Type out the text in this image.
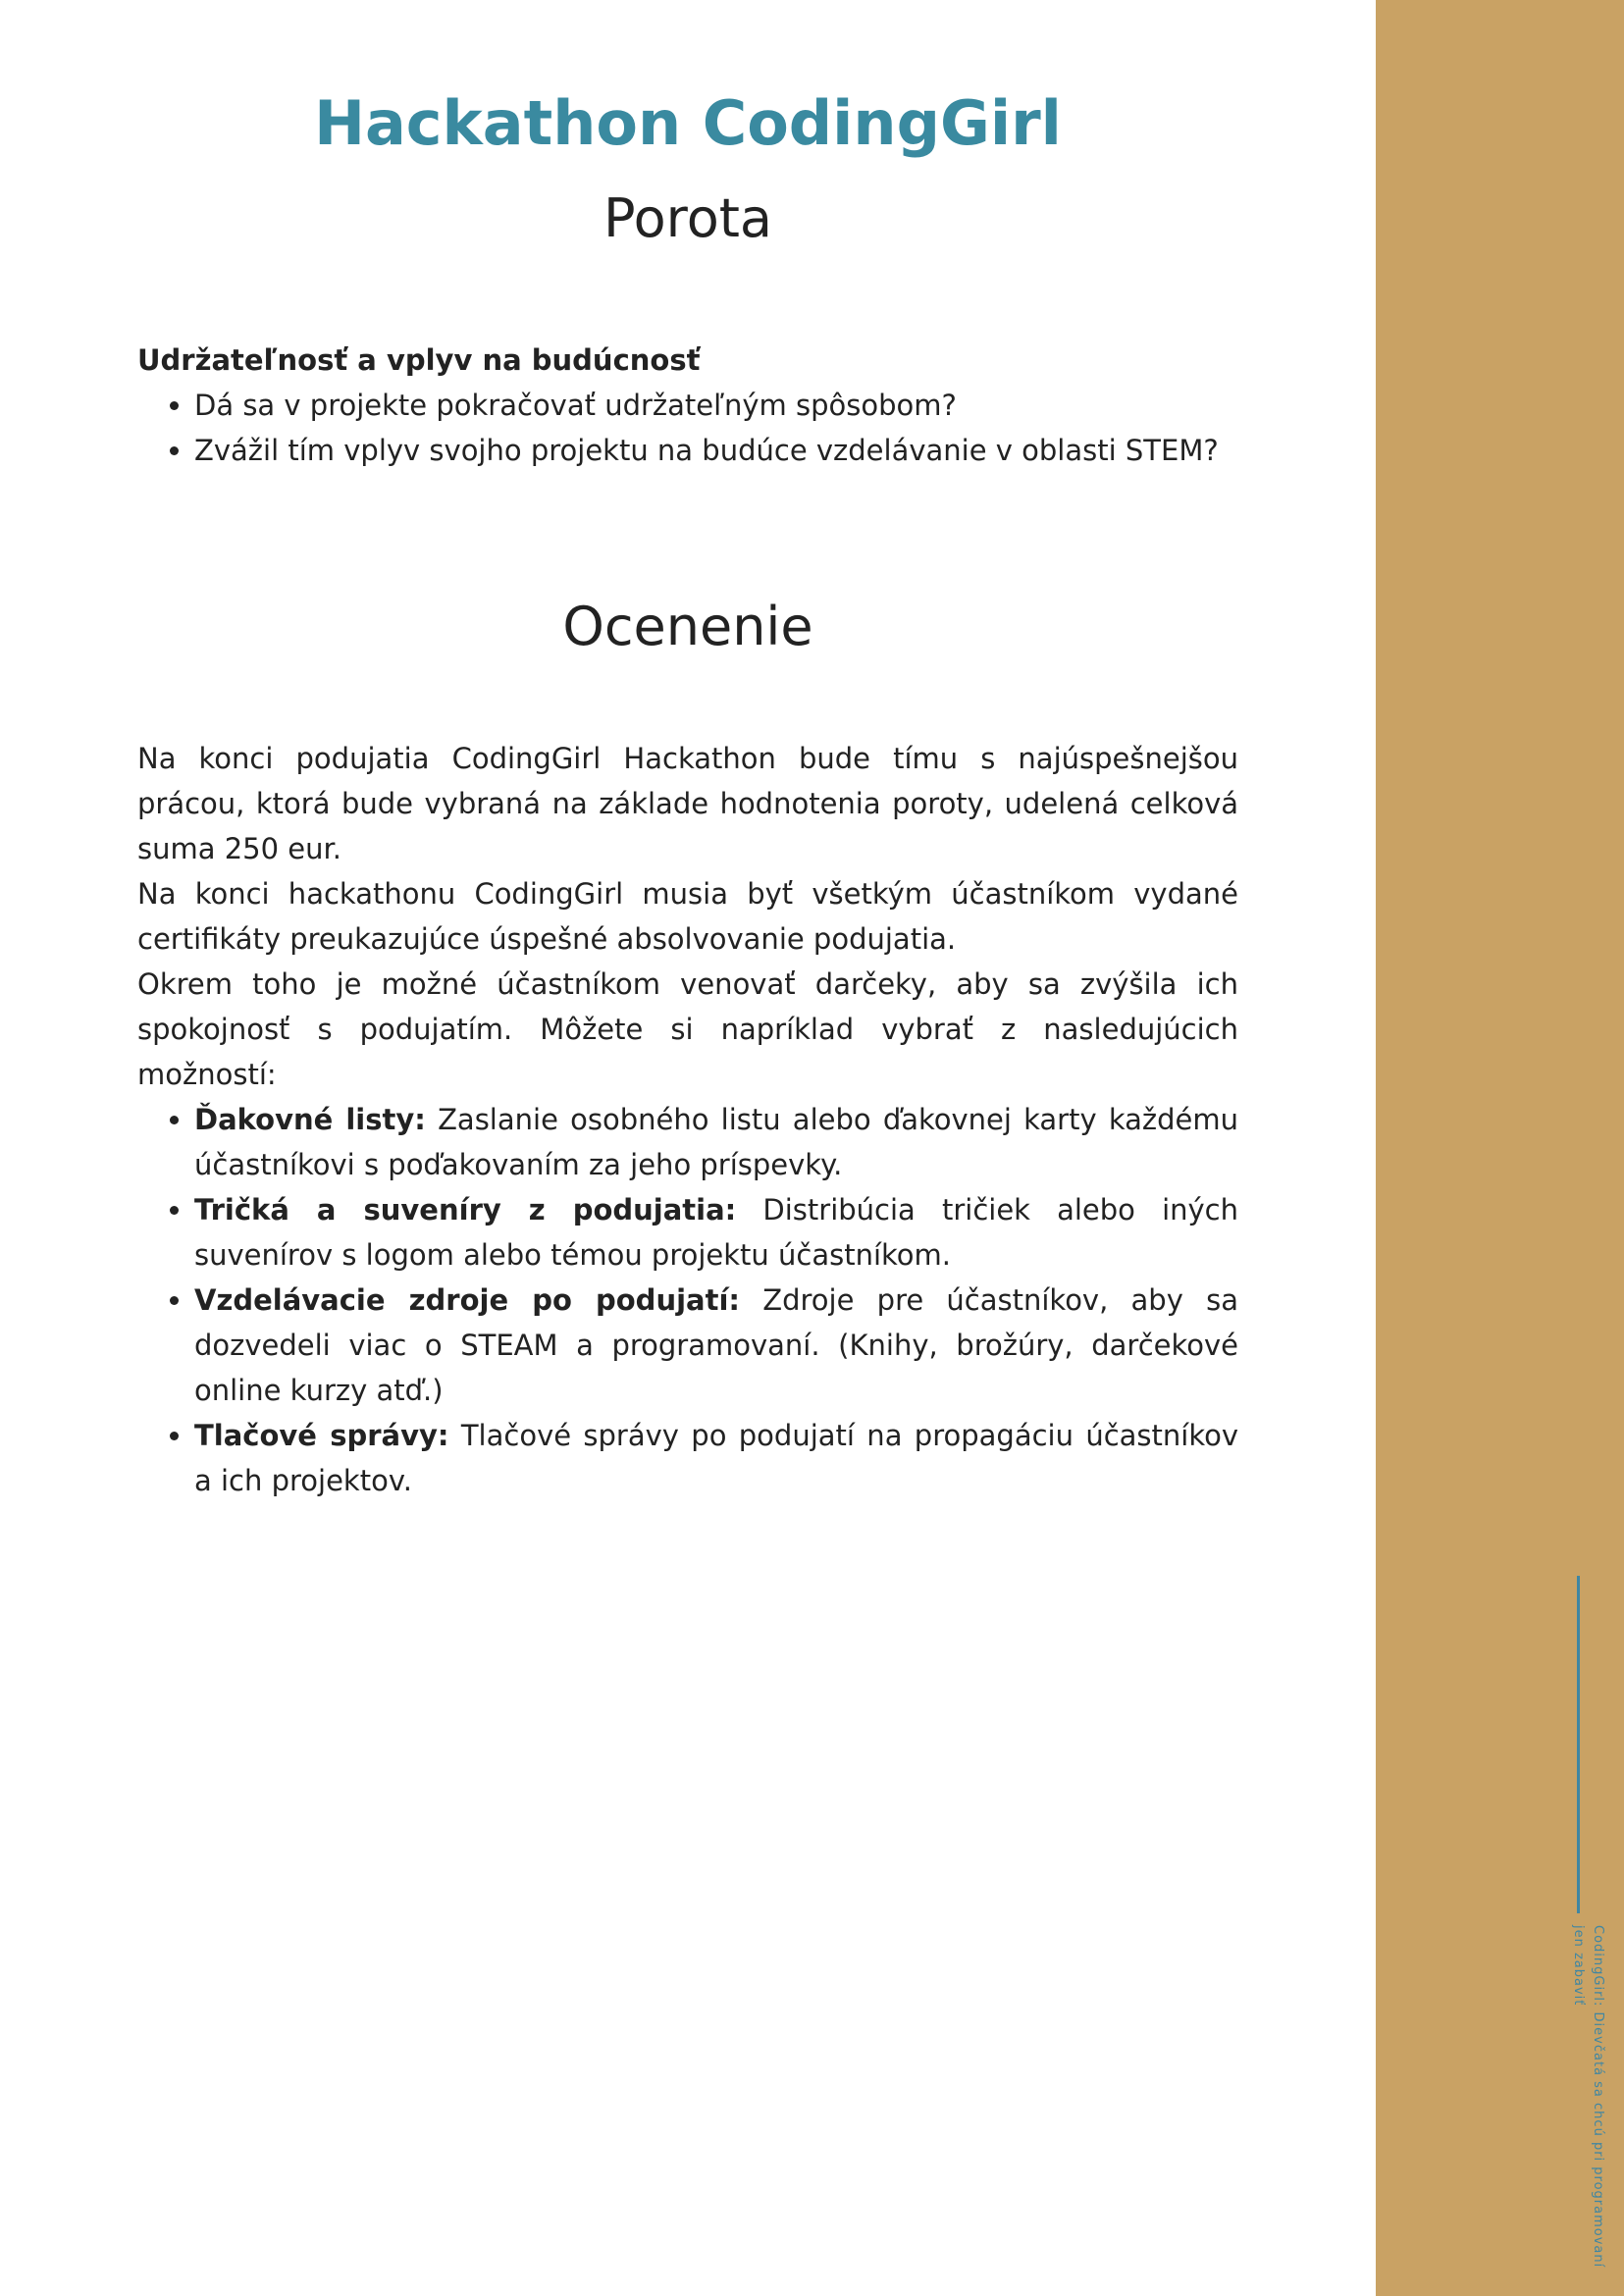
Hackathon CodingGirl
Porota

Udržateľnosť a vplyv na budúcnosť

• Dá sa v projekte pokračovať udržateľným spôsobom?
• Zvážil tím vplyv svojho projektu na budúce vzdelávanie v oblasti STEM?
Ocenenie

Na konci podujatia CodingGirl Hackathon bude tímu s najúspešnejšou prácou, ktorá bude vybraná na základe hodnotenia poroty, udelená celková suma 250 eur.

Na konci hackathonu CodingGirl musia byť všetkým účastníkom vydané certifikáty preukazujúce úspešné absolvovanie podujatia.

Okrem toho je možné účastníkom venovať darčeky, aby sa zvýšila ich spokojnosť s podujatím. Môžete si napríklad vybrať z nasledujúcich možností:

• Ďakovné listy: Zaslanie osobného listu alebo ďakovnej karty každému účastníkovi s poďakovaním za jeho príspevky.
• Tričká a suveníry z podujatia: Distribúcia tričiek alebo iných suvenírov s logom alebo témou projektu účastníkom.
• Vzdelávacie zdroje po podujatí: Zdroje pre účastníkov, aby sa dozvedeli viac o STEAM a programovaní. (Knihy, brožúry, darčekové online kurzy atď.)
• Tlačové správy: Tlačové správy po podujatí na propagáciu účastníkov a ich projektov.
CodingGirl: Dievčatá sa chcú pri programovaní
jen zabaviť
